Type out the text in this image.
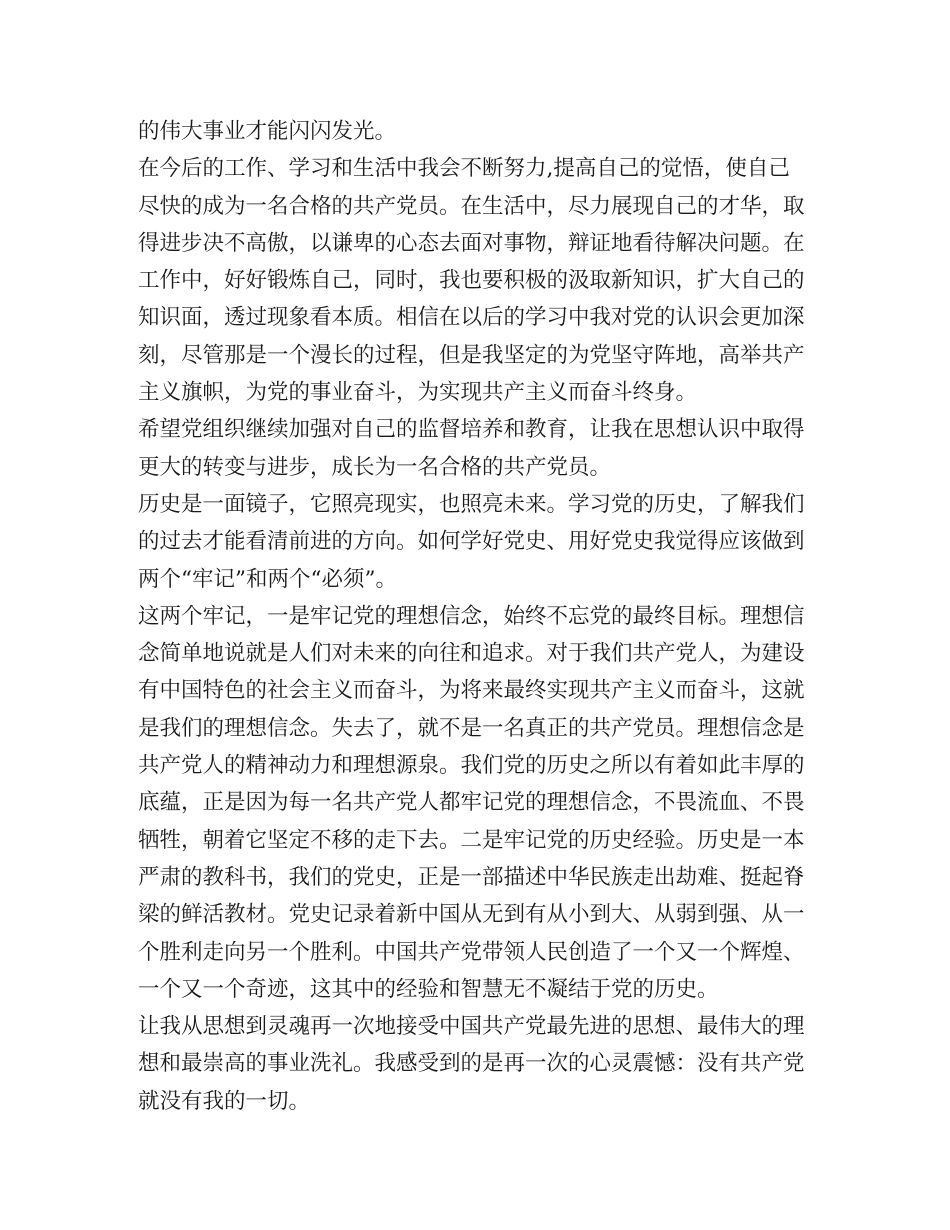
的伟大事业才能闪闪发光。
在今后的工作、学习和生活中我会不断努力,提高自己的觉悟，使自己
尽快的成为一名合格的共产党员。在生活中，尽力展现自己的才华，取
得进步决不高傲，以谦卑的心态去面对事物，辩证地看待解决问题。在
工作中，好好锻炼自己，同时，我也要积极的汲取新知识，扩大自己的
知识面，透过现象看本质。相信在以后的学习中我对党的认识会更加深
刻，尽管那是一个漫长的过程，但是我坚定的为党坚守阵地，高举共产
主义旗帜，为党的事业奋斗，为实现共产主义而奋斗终身。
希望党组织继续加强对自己的监督培养和教育，让我在思想认识中取得
更大的转变与进步，成长为一名合格的共产党员。
历史是一面镜子，它照亮现实，也照亮未来。学习党的历史，了解我们
的过去才能看清前进的方向。如何学好党史、用好党史我觉得应该做到
两个“牢记”和两个“必须”。
这两个牢记，一是牢记党的理想信念，始终不忘党的最终目标。理想信
念简单地说就是人们对未来的向往和追求。对于我们共产党人，为建设
有中国特色的社会主义而奋斗，为将来最终实现共产主义而奋斗，这就
是我们的理想信念。失去了，就不是一名真正的共产党员。理想信念是
共产党人的精神动力和理想源泉。我们党的历史之所以有着如此丰厚的
底蕴，正是因为每一名共产党人都牢记党的理想信念，不畏流血、不畏
牺牲，朝着它坚定不移的走下去。二是牢记党的历史经验。历史是一本
严肃的教科书，我们的党史，正是一部描述中华民族走出劫难、挺起脊
梁的鲜活教材。党史记录着新中国从无到有从小到大、从弱到强、从一
个胜利走向另一个胜利。中国共产党带领人民创造了一个又一个辉煌、
一个又一个奇迹，这其中的经验和智慧无不凝结于党的历史。
让我从思想到灵魂再一次地接受中国共产党最先进的思想、最伟大的理
想和最崇高的事业洗礼。我感受到的是再一次的心灵震憾：没有共产党
就没有我的一切。
